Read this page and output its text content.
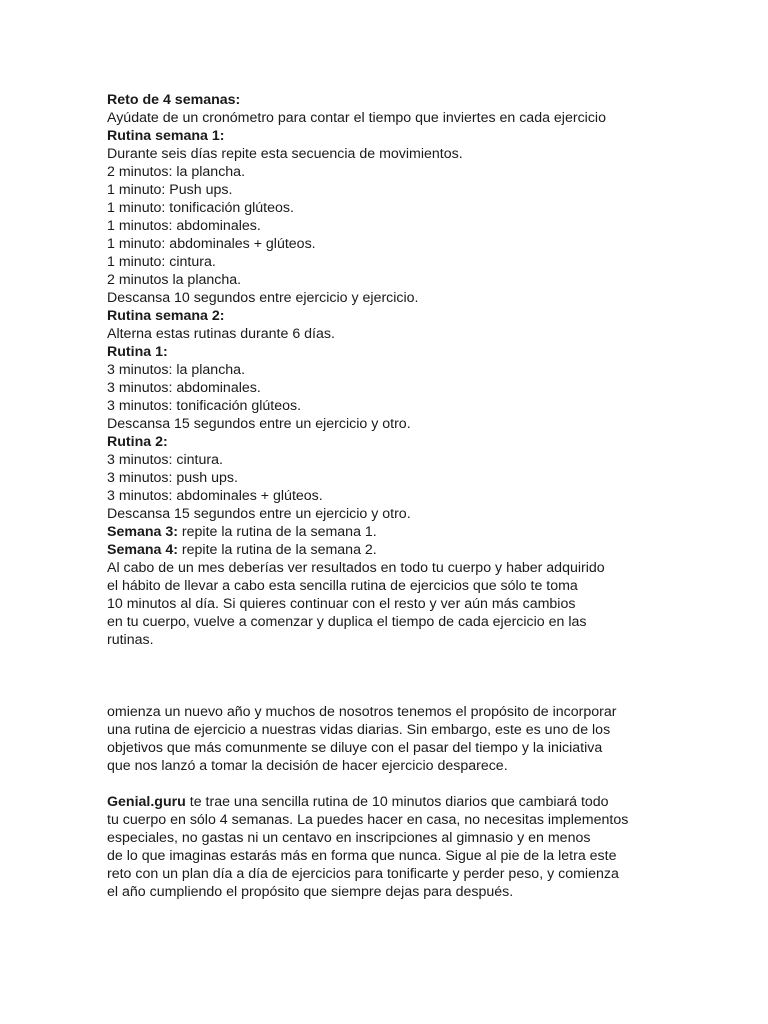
Reto de 4 semanas:
Ayúdate de un cronómetro para contar el tiempo que inviertes en cada ejercicio
Rutina semana 1:
Durante seis días repite esta secuencia de movimientos.
2 minutos: la plancha.
1 minuto: Push ups.
1 minuto: tonificación glúteos.
1 minutos: abdominales.
1 minuto: abdominales + glúteos.
1 minuto: cintura.
2 minutos la plancha.
Descansa 10 segundos entre ejercicio y ejercicio.
Rutina semana 2:
Alterna estas rutinas durante 6 días.
Rutina 1:
3 minutos: la plancha.
3 minutos: abdominales.
3 minutos: tonificación glúteos.
Descansa 15 segundos entre un ejercicio y otro.
Rutina 2:
3 minutos: cintura.
3 minutos: push ups.
3 minutos: abdominales + glúteos.
Descansa 15 segundos entre un ejercicio y otro.
Semana 3: repite la rutina de la semana 1.
Semana 4: repite la rutina de la semana 2.
Al cabo de un mes deberías ver resultados en todo tu cuerpo y haber adquirido
el hábito de llevar a cabo esta sencilla rutina de ejercicios que sólo te toma
10 minutos al día. Si quieres continuar con el resto y ver aún más cambios
en tu cuerpo, vuelve a comenzar y duplica el tiempo de cada ejercicio en las
rutinas.
omienza un nuevo año y muchos de nosotros tenemos el propósito de incorporar
una rutina de ejercicio a nuestras vidas diarias. Sin embargo, este es uno de los
objetivos que más comunmente se diluye con el pasar del tiempo y la iniciativa
que nos lanzó a tomar la decisión de hacer ejercicio desparece.
Genial.guru te trae una sencilla rutina de 10 minutos diarios que cambiará todo
tu cuerpo en sólo 4 semanas. La puedes hacer en casa, no necesitas implementos
especiales, no gastas ni un centavo en inscripciones al gimnasio y en menos
de lo que imaginas estarás más en forma que nunca. Sigue al pie de la letra este
reto con un plan día a día de ejercicios para tonificarte y perder peso, y comienza
el año cumpliendo el propósito que siempre dejas para después.
